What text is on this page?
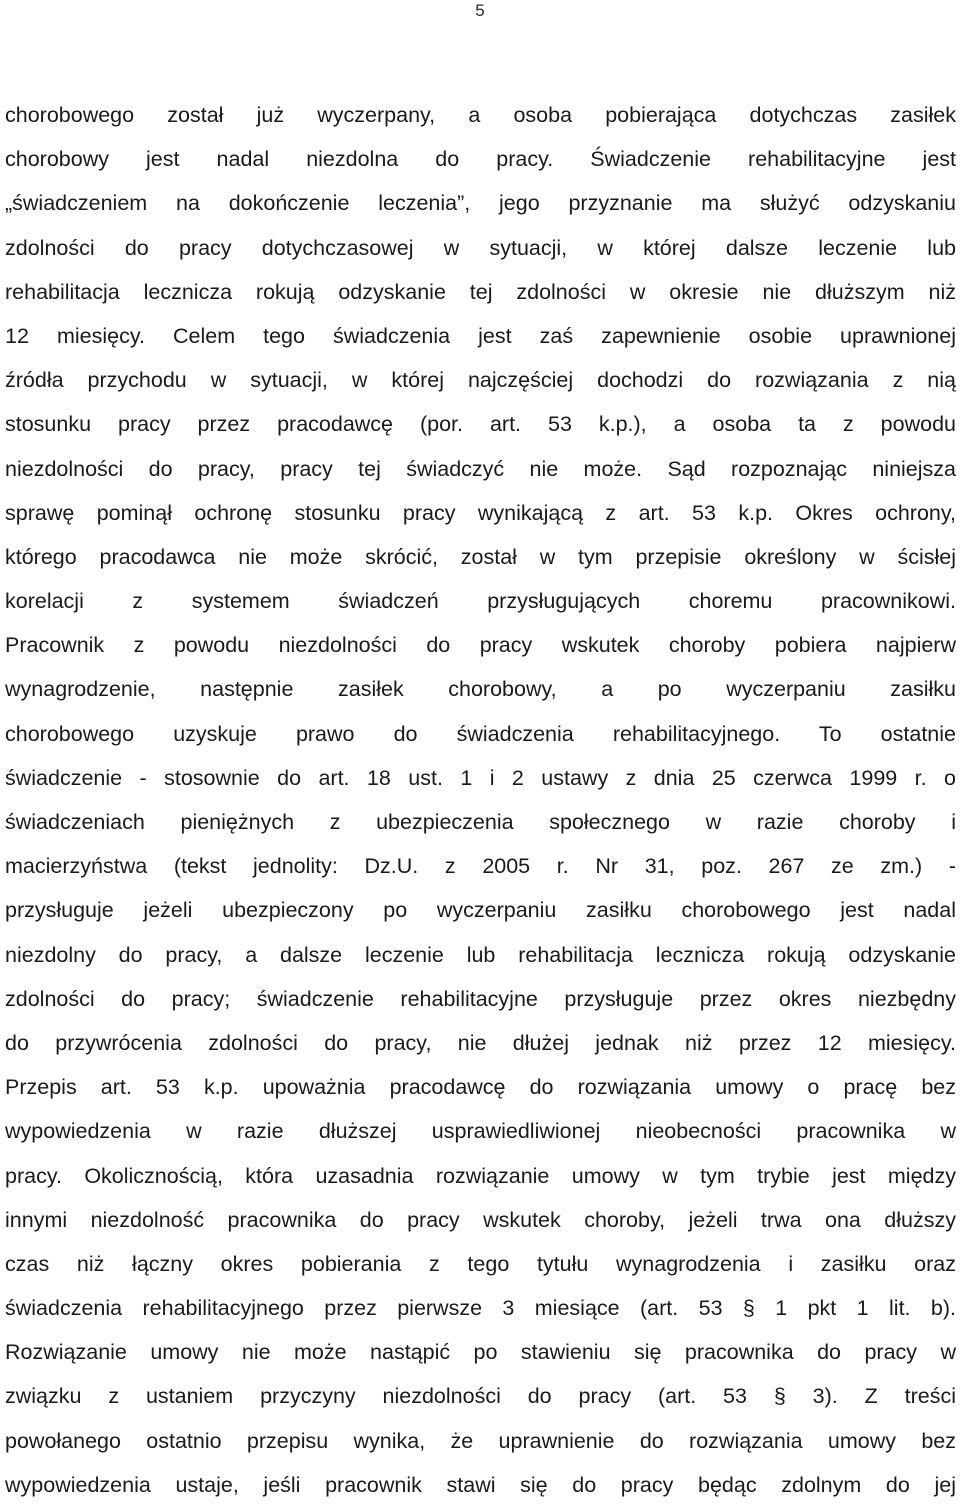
5
chorobowego został już wyczerpany, a osoba pobierająca dotychczas zasiłek
chorobowy jest nadal niezdolna do pracy. Świadczenie rehabilitacyjne jest
„świadczeniem na dokończenie leczenia”, jego przyznanie ma służyć odzyskaniu
zdolności do pracy dotychczasowej w sytuacji, w której dalsze leczenie lub
rehabilitacja lecznicza rokują odzyskanie tej zdolności w okresie nie dłuższym niż
12 miesięcy. Celem tego świadczenia jest zaś zapewnienie osobie uprawnionej
źródła przychodu w sytuacji, w której najczęściej dochodzi do rozwiązania z nią
stosunku pracy przez pracodawcę (por. art. 53 k.p.), a osoba ta z powodu
niezdolności do pracy, pracy tej świadczyć nie może. Sąd rozpoznając niniejsza
sprawę pominął ochronę stosunku pracy wynikającą z art. 53 k.p. Okres ochrony,
którego pracodawca nie może skrócić, został w tym przepisie określony w ścisłej
korelacji z systemem świadczeń przysługujących choremu pracownikowi.
Pracownik z powodu niezdolności do pracy wskutek choroby pobiera najpierw
wynagrodzenie, następnie zasiłek chorobowy, a po wyczerpaniu zasiłku
chorobowego uzyskuje prawo do świadczenia rehabilitacyjnego. To ostatnie
świadczenie - stosownie do art. 18 ust. 1 i 2 ustawy z dnia 25 czerwca 1999 r. o
świadczeniach pieniężnych z ubezpieczenia społecznego w razie choroby i
macierzyństwa (tekst jednolity: Dz.U. z 2005 r. Nr 31, poz. 267 ze zm.) -
przysługuje jeżeli ubezpieczony po wyczerpaniu zasiłku chorobowego jest nadal
niezdolny do pracy, a dalsze leczenie lub rehabilitacja lecznicza rokują odzyskanie
zdolności do pracy; świadczenie rehabilitacyjne przysługuje przez okres niezbędny
do przywrócenia zdolności do pracy, nie dłużej jednak niż przez 12 miesięcy.
Przepis art. 53 k.p. upoważnia pracodawcę do rozwiązania umowy o pracę bez
wypowiedzenia w razie dłuższej usprawiedliwionej nieobecności pracownika w
pracy. Okolicznością, która uzasadnia rozwiązanie umowy w tym trybie jest między
innymi niezdolność pracownika do pracy wskutek choroby, jeżeli trwa ona dłuższy
czas niż łączny okres pobierania z tego tytułu wynagrodzenia i zasiłku oraz
świadczenia rehabilitacyjnego przez pierwsze 3 miesiące (art. 53 § 1 pkt 1 lit. b).
Rozwiązanie umowy nie może nastąpić po stawieniu się pracownika do pracy w
związku z ustaniem przyczyny niezdolności do pracy (art. 53 § 3). Z treści
powołanego ostatnio przepisu wynika, że uprawnienie do rozwiązania umowy bez
wypowiedzenia ustaje, jeśli pracownik stawi się do pracy będąc zdolnym do jej
